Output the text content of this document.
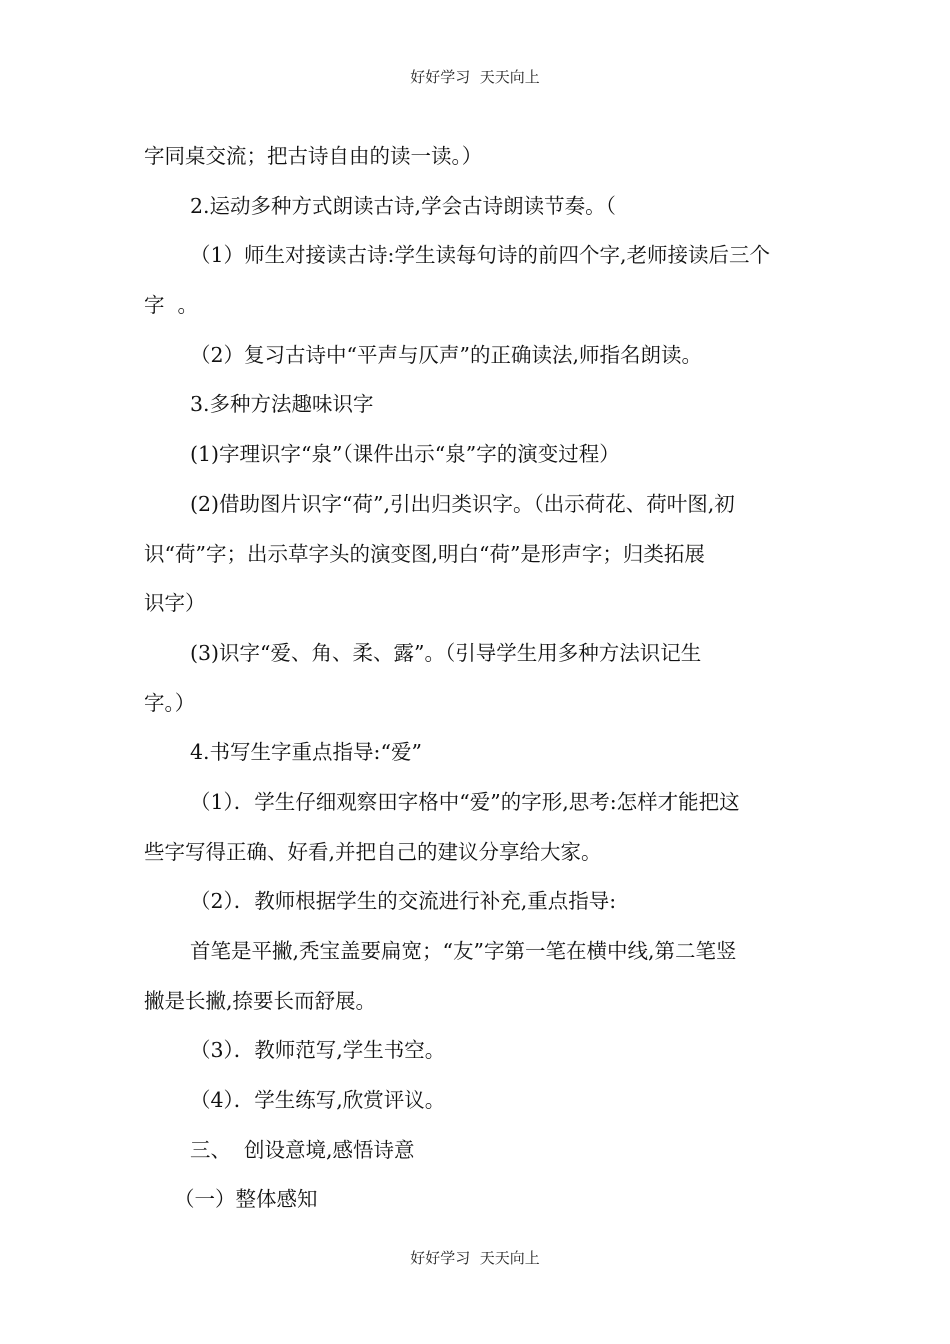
好好学习  天天向上
字同桌交流；把古诗自由的读一读。）
2.运动多种方式朗读古诗,学会古诗朗读节奏。（
（1）师生对接读古诗:学生读每句诗的前四个字,老师接读后三个
字  。
（2）复习古诗中“平声与仄声”的正确读法,师指名朗读。
3.多种方法趣味识字
(1)字理识字“泉”（课件出示“泉”字的演变过程）
(2)借助图片识字“荷”,引出归类识字。（出示荷花、荷叶图,初
识“荷”字；出示草字头的演变图,明白“荷”是形声字；归类拓展
识字）
(3)识字“爱、角、柔、露”。（引导学生用多种方法识记生
字。）
4.书写生字重点指导:“爱”
（1）．学生仔细观察田字格中“爱”的字形,思考:怎样才能把这
些字写得正确、好看,并把自己的建议分享给大家。
（2）．教师根据学生的交流进行补充,重点指导:
首笔是平撇,秃宝盖要扁宽；“友”字第一笔在横中线,第二笔竖
撇是长撇,捺要长而舒展。
（3）．教师范写,学生书空。
（4）．学生练写,欣赏评议。
三、  创设意境,感悟诗意
（一）整体感知
好好学习  天天向上
